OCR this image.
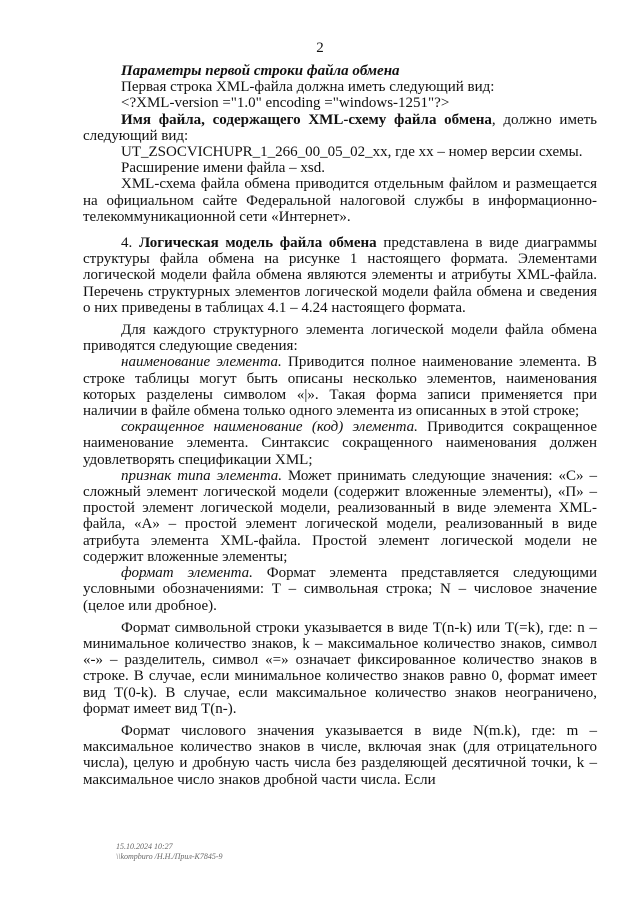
2

Параметры первой строки файла обмена

Первая строка XML-файла должна иметь следующий вид:

<?XML-version ="1.0" encoding ="windows-1251"?>

Имя файла, содержащего XML-схему файла обмена, должно иметь следующий вид:

UT_ZSOCVICHUPR_1_266_00_05_02_xx, где xx – номер версии схемы.

Расширение имени файла – xsd.

XML-схема файла обмена приводится отдельным файлом и размещается на официальном сайте Федеральной налоговой службы в информационно-телекоммуникационной сети «Интернет».

4. Логическая модель файла обмена представлена в виде диаграммы структуры файла обмена на рисунке 1 настоящего формата. Элементами логической модели файла обмена являются элементы и атрибуты XML-файла. Перечень структурных элементов логической модели файла обмена и сведения о них приведены в таблицах 4.1 – 4.24 настоящего формата.

Для каждого структурного элемента логической модели файла обмена приводятся следующие сведения:

наименование элемента. Приводится полное наименование элемента. В строке таблицы могут быть описаны несколько элементов, наименования которых разделены символом «|». Такая форма записи применяется при наличии в файле обмена только одного элемента из описанных в этой строке;

сокращенное наименование (код) элемента. Приводится сокращенное наименование элемента. Синтаксис сокращенного наименования должен удовлетворять спецификации XML;

признак типа элемента. Может принимать следующие значения: «С» – сложный элемент логической модели (содержит вложенные элементы), «П» – простой элемент логической модели, реализованный в виде элемента XML-файла, «А» – простой элемент логической модели, реализованный в виде атрибута элемента XML-файла. Простой элемент логической модели не содержит вложенные элементы;

формат элемента. Формат элемента представляется следующими условными обозначениями: Т – символьная строка; N – числовое значение (целое или дробное).

Формат символьной строки указывается в виде Т(n-k) или Т(=k), где: n – минимальное количество знаков, k – максимальное количество знаков, символ «-» – разделитель, символ «=» означает фиксированное количество знаков в строке. В случае, если минимальное количество знаков равно 0, формат имеет вид Т(0-k). В случае, если максимальное количество знаков неограничено, формат имеет вид Т(n-).

Формат числового значения указывается в виде N(m.k), где: m – максимальное количество знаков в числе, включая знак (для отрицательного числа), целую и дробную часть числа без разделяющей десятичной точки, k – максимальное число знаков дробной части числа. Если

15.10.2024 10:27
\\kompburo /Н.Н./Прил-К7845-9
